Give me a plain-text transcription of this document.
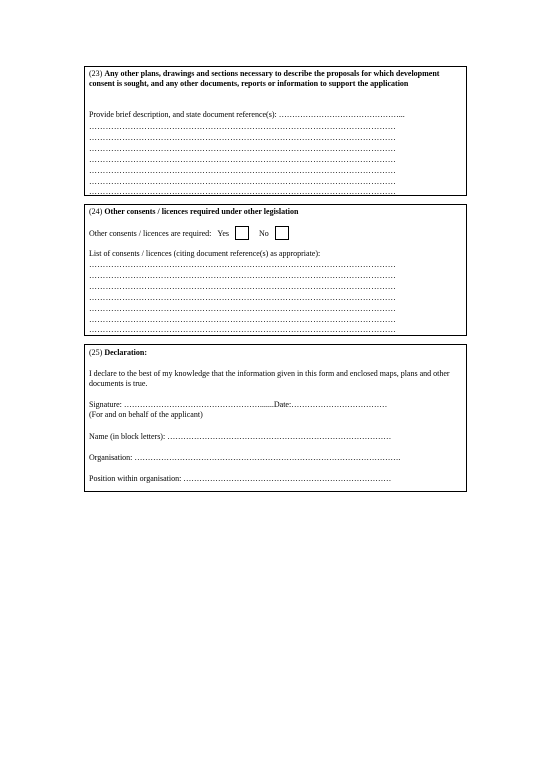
(23) Any other plans, drawings and sections necessary to describe the proposals for which development consent is sought, and any other documents, reports or information to support the application
Provide brief description, and state document reference(s): ………………………………………...
…………………………………………………………………………………………………
…………………………………………………………………………………………………
…………………………………………………………………………………………………
…………………………………………………………………………………………………
…………………………………………………………………………………………………
…………………………………………………………………………………………………
…………………………………………………………………………………………………
(24) Other consents / licences required under other legislation
Other consents / licences are required: Yes	No
List of consents / licences (citing document reference(s) as appropriate):
…………………………………………………………………………………………………
…………………………………………………………………………………………………
…………………………………………………………………………………………………
…………………………………………………………………………………………………
…………………………………………………………………………………………………
…………………………………………………………………………………………………
…………………………………………………………………………………………………
(25) Declaration:
I declare to the best of my knowledge that the information given in this form and enclosed maps, plans and other documents is true.
Signature: …………………………………………….......Date:………………………………
(For and on behalf of the applicant)
Name (in block letters): …………………………………………………………………………
Organisation: ……………………………………………………………………………………….
Position within organisation: ……………………………………………………………………
